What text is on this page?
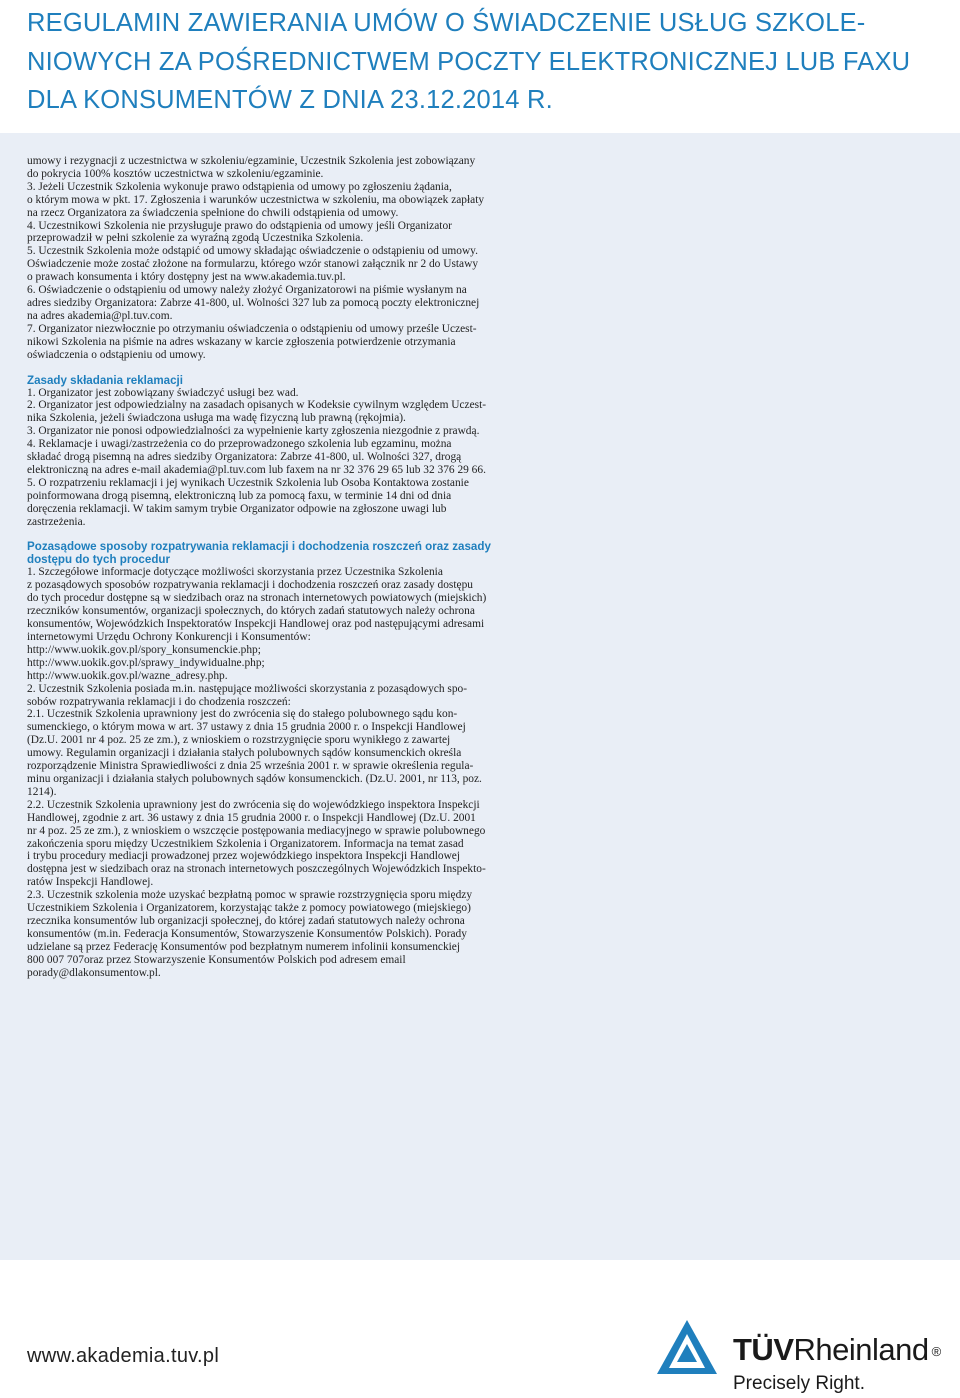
REGULAMIN ZAWIERANIA UMÓW O ŚWIADCZENIE USŁUG SZKOLE-
NIOWYCH ZA POŚREDNICTWEM POCZTY ELEKTRONICZNEJ LUB FAXU
DLA KONSUMENTÓW Z DNIA 23.12.2014 R.
umowy i rezygnacji z uczestnictwa w szkoleniu/egzaminie, Uczestnik Szkolenia jest zobowiązany
do pokrycia 100% kosztów uczestnictwa w szkoleniu/egzaminie.
3. Jeżeli Uczestnik Szkolenia wykonuje prawo odstąpienia od umowy po zgłoszeniu żądania,
o którym mowa w pkt. 17. Zgłoszenia i warunków uczestnictwa w szkoleniu, ma obowiązek zapłaty
na rzecz Organizatora za świadczenia spełnione do chwili odstąpienia od umowy.
4. Uczestnikowi Szkolenia nie przysługuje prawo do odstąpienia od umowy jeśli Organizator
przeprowadził w pełni szkolenie za wyraźną zgodą Uczestnika Szkolenia.
5. Uczestnik Szkolenia może odstąpić od umowy składając oświadczenie o odstąpieniu od umowy.
Oświadczenie może zostać złożone na formularzu, którego wzór stanowi załącznik nr 2 do Ustawy
o prawach konsumenta i który dostępny jest na www.akademia.tuv.pl.
6. Oświadczenie o odstąpieniu od umowy należy złożyć Organizatorowi na piśmie wysłanym na
adres siedziby Organizatora: Zabrze 41-800, ul. Wolności 327 lub za pomocą poczty elektronicznej
na adres akademia@pl.tuv.com.
7. Organizator niezwłocznie po otrzymaniu oświadczenia o odstąpieniu od umowy prześle Uczest-
nikowi Szkolenia na piśmie na adres wskazany w karcie zgłoszenia potwierdzenie otrzymania
oświadczenia o odstąpieniu od umowy.
Zasady składania reklamacji
1. Organizator jest zobowiązany świadczyć usługi bez wad.
2. Organizator jest odpowiedzialny na zasadach opisanych w Kodeksie cywilnym względem Uczest-
nika Szkolenia, jeżeli świadczona usługa ma wadę fizyczną lub prawną (rękojmia).
3. Organizator nie ponosi odpowiedzialności za wypełnienie karty zgłoszenia niezgodnie z prawdą.
4. Reklamacje i uwagi/zastrzeżenia co do przeprowadzonego szkolenia lub egzaminu, można
składać drogą pisemną na adres siedziby Organizatora: Zabrze 41-800, ul. Wolności 327, drogą
elektroniczną na adres e-mail akademia@pl.tuv.com lub faxem na nr 32 376 29 65 lub 32 376 29 66.
5. O rozpatrzeniu reklamacji i jej wynikach Uczestnik Szkolenia lub Osoba Kontaktowa zostanie
poinformowana drogą pisemną, elektroniczną lub za pomocą faxu, w terminie 14 dni od dnia
doręczenia reklamacji. W takim samym trybie Organizator odpowie na zgłoszone uwagi lub
zastrzeżenia.
Pozasądowe sposoby rozpatrywania reklamacji i dochodzenia roszczeń oraz zasady
dostępu do tych procedur
1. Szczegółowe informacje dotyczące możliwości skorzystania przez Uczestnika Szkolenia
z pozasądowych sposobów rozpatrywania reklamacji i dochodzenia roszczeń oraz zasady dostępu
do tych procedur dostępne są w siedzibach oraz na stronach internetowych powiatowych (miejskich)
rzeczników konsumentów, organizacji społecznych, do których zadań statutowych należy ochrona
konsumentów, Wojewódzkich Inspektoratów Inspekcji Handlowej oraz pod następującymi adresami
internetowymi Urzędu Ochrony Konkurencji i Konsumentów:
http://www.uokik.gov.pl/spory_konsumenckie.php;
http://www.uokik.gov.pl/sprawy_indywidualne.php;
http://www.uokik.gov.pl/wazne_adresy.php.
2. Uczestnik Szkolenia posiada m.in. następujące możliwości skorzystania z pozasądowych spo-
sobów rozpatrywania reklamacji i do chodzenia roszczeń:
2.1. Uczestnik Szkolenia uprawniony jest do zwrócenia się do stałego polubownego sądu kon-
sumenckiego, o którym mowa w art. 37 ustawy z dnia 15 grudnia 2000 r. o Inspekcji Handlowej
(Dz.U. 2001 nr 4 poz. 25 ze zm.), z wnioskiem o rozstrzygnięcie sporu wynikłego z zawartej
umowy. Regulamin organizacji i działania stałych polubownych sądów konsumenckich określa
rozporządzenie Ministra Sprawiedliwości z dnia 25 września 2001 r. w sprawie określenia regula-
minu organizacji i działania stałych polubownych sądów konsumenckich. (Dz.U. 2001, nr 113, poz.
1214).
2.2. Uczestnik Szkolenia uprawniony jest do zwrócenia się do wojewódzkiego inspektora Inspekcji
Handlowej, zgodnie z art. 36 ustawy z dnia 15 grudnia 2000 r. o Inspekcji Handlowej (Dz.U. 2001
nr 4 poz. 25 ze zm.), z wnioskiem o wszczęcie postępowania mediacyjnego w sprawie polubownego
zakończenia sporu między Uczestnikiem Szkolenia i Organizatorem. Informacja na temat zasad
i trybu procedury mediacji prowadzonej przez wojewódzkiego inspektora Inspekcji Handlowej
dostępna jest w siedzibach oraz na stronach internetowych poszczególnych Wojewódzkich Inspekto-
ratów Inspekcji Handlowej.
2.3. Uczestnik szkolenia może uzyskać bezpłatną pomoc w sprawie rozstrzygnięcia sporu między
Uczestnikiem Szkolenia i Organizatorem, korzystając także z pomocy powiatowego (miejskiego)
rzecznika konsumentów lub organizacji społecznej, do której zadań statutowych należy ochrona
konsumentów (m.in. Federacja Konsumentów, Stowarzyszenie Konsumentów Polskich). Porady
udzielane są przez Federację Konsumentów pod bezpłatnym numerem infolinii konsumenckiej
800 007 707oraz przez Stowarzyszenie Konsumentów Polskich pod adresem email
porady@dlakonsumentow.pl.
www.akademia.tuv.pl	TÜVRheinland ®
Precisely Right.
